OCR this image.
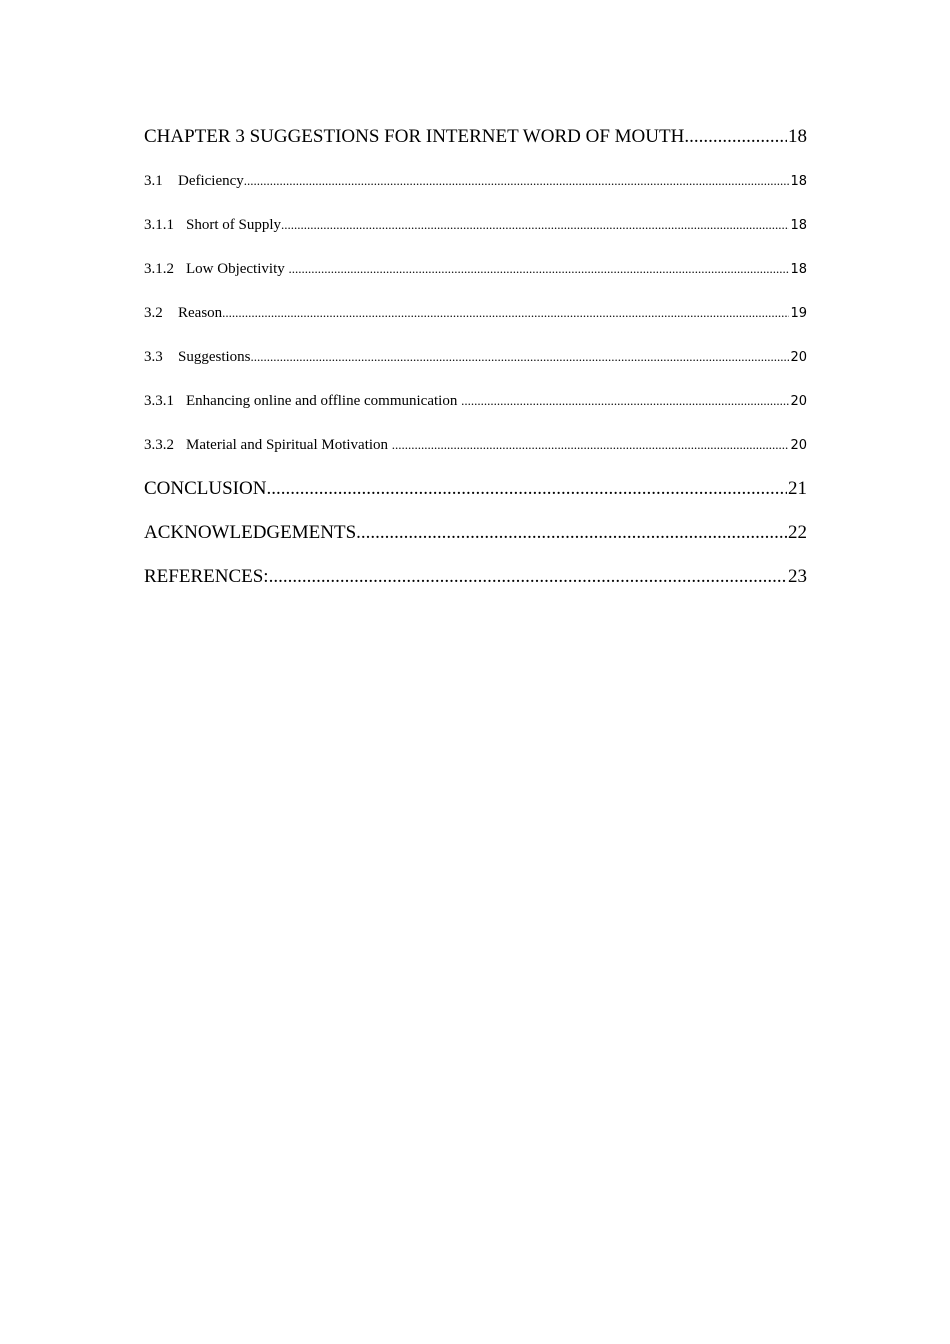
CHAPTER 3 SUGGESTIONS FOR INTERNET WORD OF MOUTH .....	18
3.1 Deficiency .....	18
3.1.1 Short of Supply .....	18
3.1.2 Low Objectivity .....	18
3.2 Reason .....	19
3.3 Suggestions .....	20
3.3.1 Enhancing online and offline communication .....	20
3.3.2 Material and Spiritual Motivation .....	20
CONCLUSION .....	21
ACKNOWLEDGEMENTS .....	22
REFERENCES: .....	23
